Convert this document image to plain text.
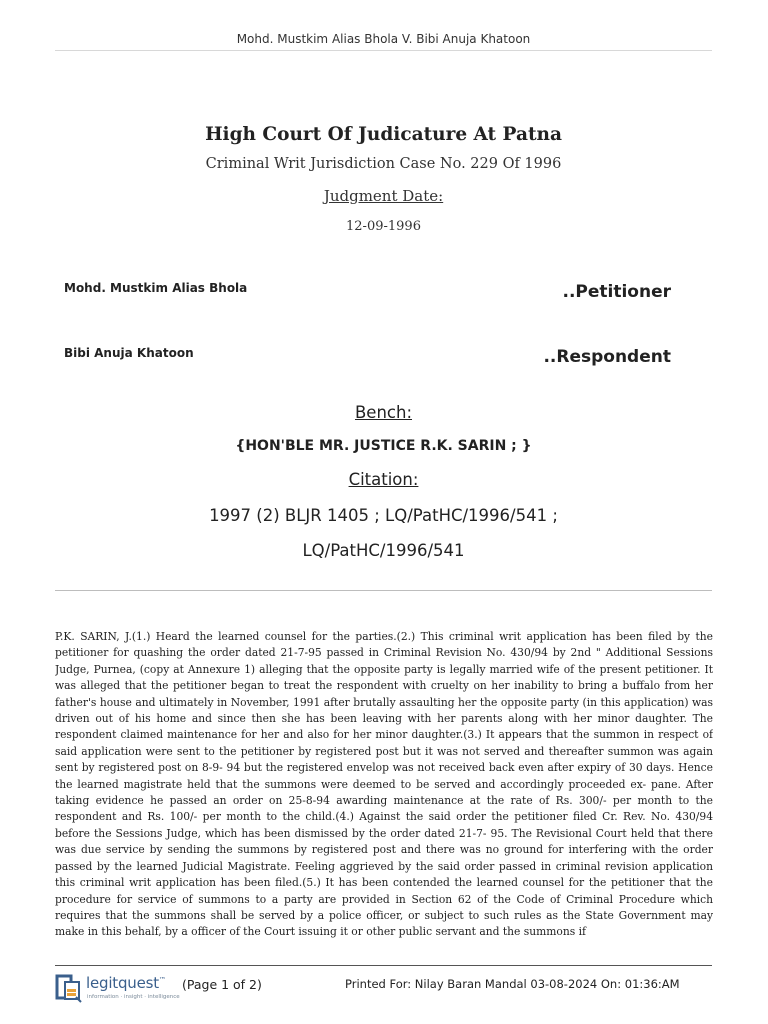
Mohd. Mustkim Alias Bhola V. Bibi Anuja Khatoon
High Court Of Judicature At Patna
Criminal Writ Jurisdiction Case No. 229 Of 1996
Judgment Date:
12-09-1996
Mohd. Mustkim Alias Bhola	..Petitioner
Bibi Anuja Khatoon	..Respondent
Bench:
{HON'BLE MR. JUSTICE R.K. SARIN ; }
Citation:
1997 (2) BLJR 1405 ; LQ/PatHC/1996/541 ;
LQ/PatHC/1996/541

P.K. SARIN, J.(1.) Heard the learned counsel for the parties.(2.) This criminal writ application has been filed by the petitioner for quashing the order dated 21-7-95 passed in Criminal Revision No. 430/94 by 2nd " Additional Sessions Judge, Purnea, (copy at Annexure 1) alleging that the opposite party is legally married wife of the present petitioner. It was alleged that the petitioner began to treat the respondent with cruelty on her inability to bring a buffalo from her father's house and ultimately in November, 1991 after brutally assaulting her the opposite party (in this application) was driven out of his home and since then she has been leaving with her parents along with her minor daughter. The respondent claimed maintenance for her and also for her minor daughter.(3.) It appears that the summon in respect of said application were sent to the petitioner by registered post but it was not served and thereafter summon was again sent by registered post on 8-9- 94 but the registered envelop was not received back even after expiry of 30 days. Hence the learned magistrate held that the summons were deemed to be served and accordingly proceeded ex- pane. After taking evidence he passed an order on 25-8-94 awarding maintenance at the rate of Rs. 300/- per month to the respondent and Rs. 100/- per month to the child.(4.) Against the said order the petitioner filed Cr. Rev. No. 430/94 before the Sessions Judge, which has been dismissed by the order dated 21-7- 95. The Revisional Court held that there was due service by sending the summons by registered post and there was no ground for interfering with the order passed by the learned Judicial Magistrate. Feeling aggrieved by the said order passed in criminal revision application this criminal writ application has been filed.(5.) It has been contended the learned counsel for the petitioner that the procedure for service of summons to a party are provided in Section 62 of the Code of Criminal Procedure which requires that the summons shall be served by a police officer, or subject to such rules as the State Government may make in this behalf, by a officer of the Court issuing it or other public servant and the summons if

legitquest™
information · insight · intelligence
(Page 1 of 2)	Printed For: Nilay Baran Mandal 03-08-2024 On: 01:36:AM
